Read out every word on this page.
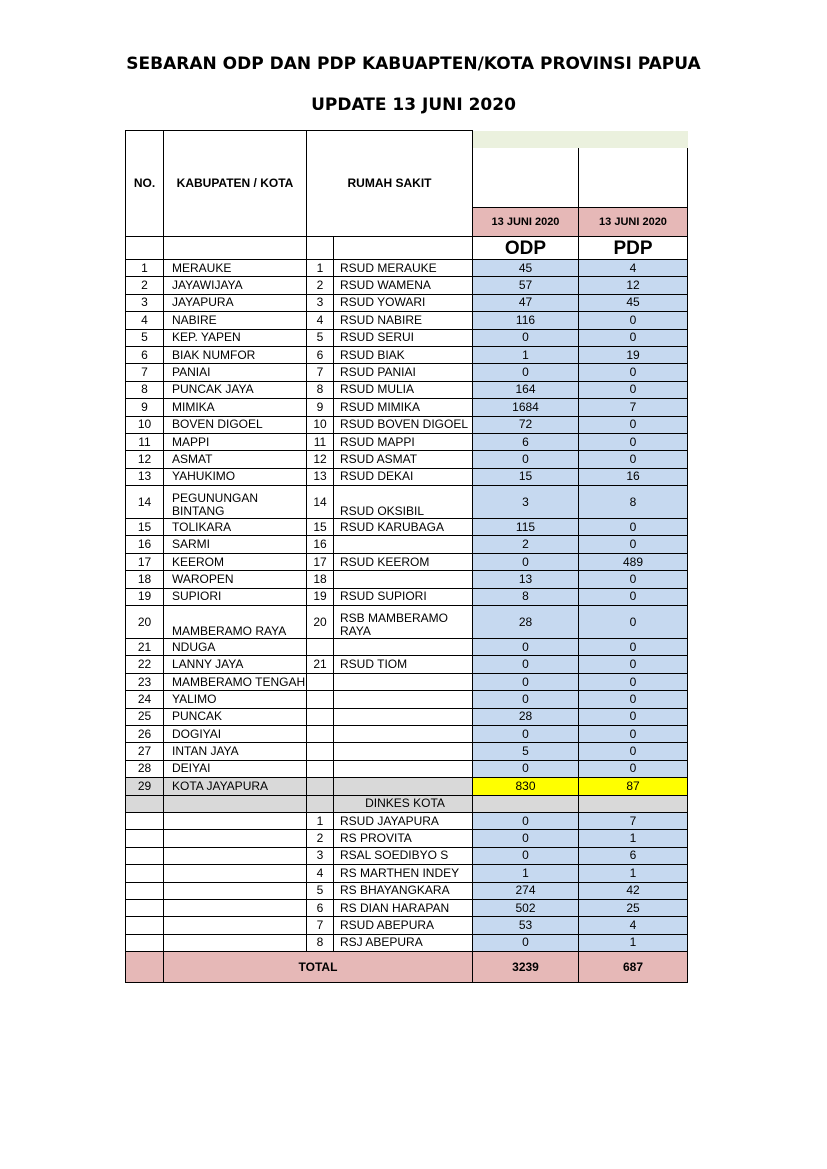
SEBARAN ODP DAN PDP KABUAPTEN/KOTA PROVINSI PAPUA
UPDATE 13 JUNI 2020
NO.	KABUPATEN / KOTA	RUMAH SAKIT			

				13 JUNI 2020	13 JUNI 2020
				ODP	PDP
1	MERAUKE	1	RSUD MERAUKE	45	4
2	JAYAWIJAYA	2	RSUD WAMENA	57	12
3	JAYAPURA	3	RSUD YOWARI	47	45
4	NABIRE	4	RSUD NABIRE	116	0
5	KEP. YAPEN	5	RSUD SERUI	0	0
6	BIAK NUMFOR	6	RSUD BIAK	1	19
7	PANIAI	7	RSUD PANIAI	0	0
8	PUNCAK JAYA	8	RSUD MULIA	164	0
9	MIMIKA	9	RSUD MIMIKA	1684	7
10	BOVEN DIGOEL	10	RSUD BOVEN DIGOEL	72	0
11	MAPPI	11	RSUD MAPPI	6	0
12	ASMAT	12	RSUD ASMAT	0	0
13	YAHUKIMO	13	RSUD DEKAI	15	16
14	PEGUNUNGAN BINTANG	14	RSUD OKSIBIL	3	8
15	TOLIKARA	15	RSUD KARUBAGA	115	0
16	SARMI	16		2	0
17	KEEROM	17	RSUD KEEROM	0	489
18	WAROPEN	18		13	0
19	SUPIORI	19	RSUD SUPIORI	8	0
20	MAMBERAMO RAYA	20	RSB MAMBERAMO RAYA	28	0
21	NDUGA			0	0
22	LANNY JAYA	21	RSUD TIOM	0	0
23	MAMBERAMO TENGAH			0	0
24	YALIMO			0	0
25	PUNCAK			28	0
26	DOGIYAI			0	0
27	INTAN JAYA			5	0
28	DEIYAI			0	0
29	KOTA JAYAPURA			830	87
			DINKES KOTA		
		1	RSUD JAYAPURA	0	7
		2	RS PROVITA	0	1
		3	RSAL SOEDIBYO S	0	6
		4	RS MARTHEN INDEY	1	1
		5	RS BHAYANGKARA	274	42
		6	RS DIAN HARAPAN	502	25
		7	RSUD ABEPURA	53	4
		8	RSJ ABEPURA	0	1
	TOTAL			3239	687
